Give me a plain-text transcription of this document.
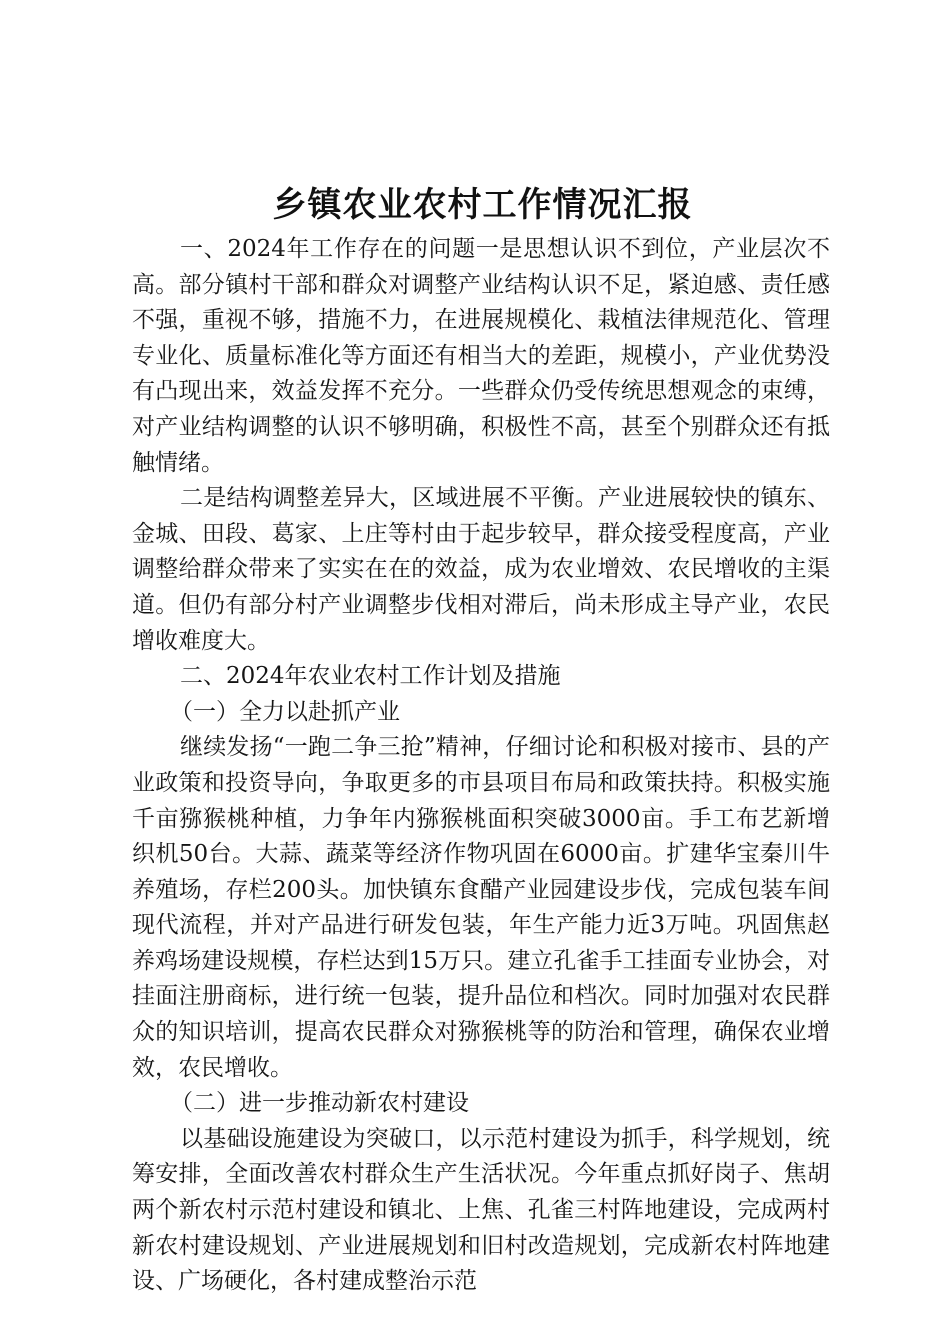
乡镇农业农村工作情况汇报

一、2024年工作存在的问题一是思想认识不到位，产业层次不高。部分镇村干部和群众对调整产业结构认识不足，紧迫感、责任感不强，重视不够，措施不力，在进展规模化、栽植法律规范化、管理专业化、质量标准化等方面还有相当大的差距，规模小，产业优势没有凸现出来，效益发挥不充分。一些群众仍受传统思想观念的束缚，对产业结构调整的认识不够明确，积极性不高，甚至个别群众还有抵触情绪。

二是结构调整差异大，区域进展不平衡。产业进展较快的镇东、金城、田段、葛家、上庄等村由于起步较早，群众接受程度高，产业调整给群众带来了实实在在的效益，成为农业增效、农民增收的主渠道。但仍有部分村产业调整步伐相对滞后，尚未形成主导产业，农民增收难度大。

二、2024年农业农村工作计划及措施

（一）全力以赴抓产业

继续发扬“一跑二争三抢”精神，仔细讨论和积极对接市、县的产业政策和投资导向，争取更多的市县项目布局和政策扶持。积极实施千亩猕猴桃种植，力争年内猕猴桃面积突破3000亩。手工布艺新增织机50台。大蒜、蔬菜等经济作物巩固在6000亩。扩建华宝秦川牛养殖场，存栏200头。加快镇东食醋产业园建设步伐，完成包装车间现代流程，并对产品进行研发包装，年生产能力近3万吨。巩固焦赵养鸡场建设规模，存栏达到15万只。建立孔雀手工挂面专业协会，对挂面注册商标，进行统一包装，提升品位和档次。同时加强对农民群众的知识培训，提高农民群众对猕猴桃等的防治和管理，确保农业增效，农民增收。

（二）进一步推动新农村建设

以基础设施建设为突破口，以示范村建设为抓手，科学规划，统筹安排，全面改善农村群众生产生活状况。今年重点抓好岗子、焦胡两个新农村示范村建设和镇北、上焦、孔雀三村阵地建设，完成两村新农村建设规划、产业进展规划和旧村改造规划，完成新农村阵地建设、广场硬化，各村建成整治示范
